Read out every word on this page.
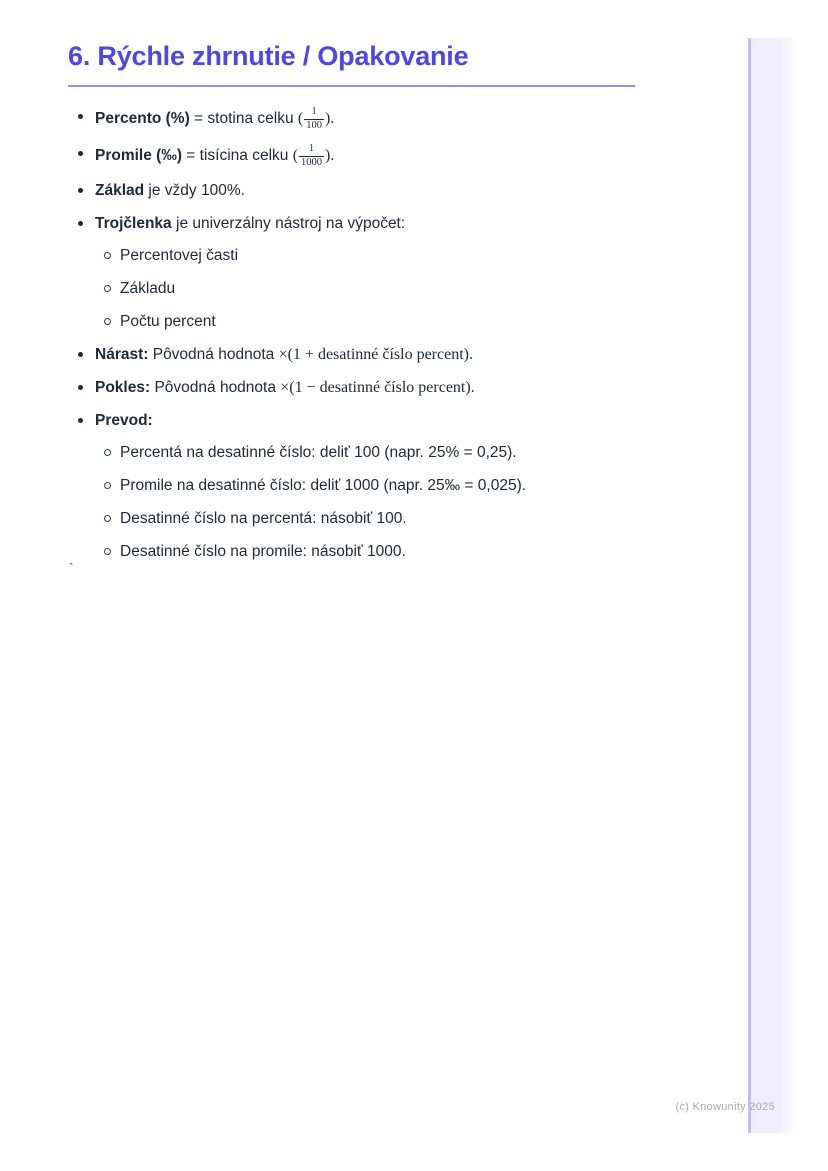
6. Rýchle zhrnutie / Opakovanie
Percento (%) = stotina celku ( $\frac{1}{100}$ ).
Promile (‰) = tisícina celku ( $\frac{1}{1000}$ ).
Základ je vždy 100%.
Trojčlenka je univerzálny nástroj na výpočet:
Percentovej časti
Základu
Počtu percent
Nárast: Pôvodná hodnota ×(1 + desatinné číslo percent).
Pokles: Pôvodná hodnota ×(1 − desatinné číslo percent).
Prevod:
Percentá na desatinné číslo: deliť 100 (napr. 25% = 0,25).
Promile na desatinné číslo: deliť 1000 (napr. 25‰ = 0,025).
Desatinné číslo na percentá: násobiť 100.
Desatinné číslo na promile: násobiť 1000.
`
(c) Knowunity 2025
